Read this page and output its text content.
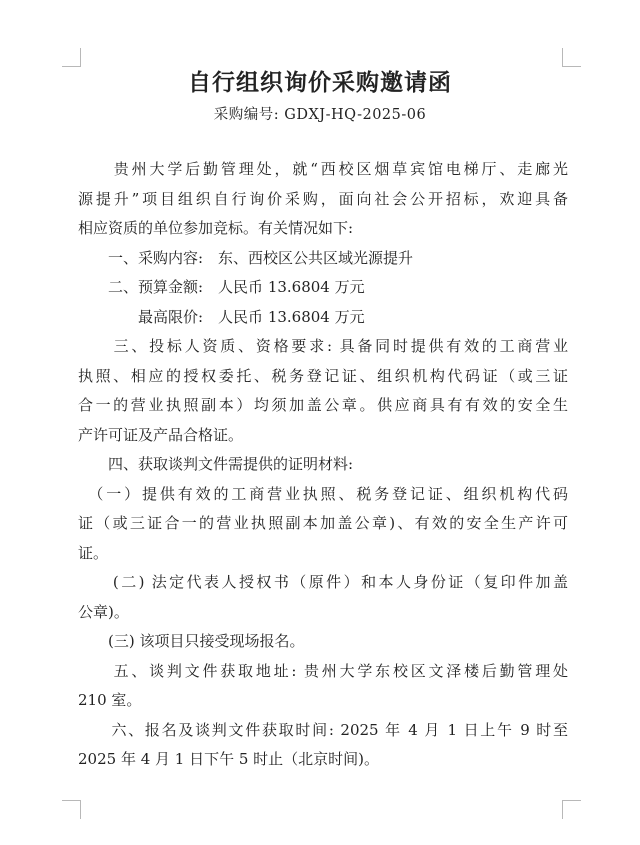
自行组织询价采购邀请函
采购编号: GDXJ-HQ-2025-06
　　贵州大学后勤管理处，就“西校区烟草宾馆电梯厅、走廊光
源提升”项目组织自行询价采购，面向社会公开招标，欢迎具备
相应资质的单位参加竞标。有关情况如下:
　　一、采购内容:　东、西校区公共区域光源提升
　　二、预算金额:　人民币 13.6804 万元
　　　　最高限价:　人民币 13.6804 万元
　　三、投标人资质、资格要求: 具备同时提供有效的工商营业
执照、相应的授权委托、税务登记证、组织机构代码证（或三证
合一的营业执照副本）均须加盖公章。供应商具有有效的安全生
产许可证及产品合格证。
　　四、获取谈判文件需提供的证明材料:
　（一）提供有效的工商营业执照、税务登记证、组织机构代码
证（或三证合一的营业执照副本加盖公章)、有效的安全生产许可
证。
　　(二) 法定代表人授权书（原件）和本人身份证（复印件加盖
公章)。
　　(三) 该项目只接受现场报名。
　　五、谈判文件获取地址: 贵州大学东校区文泽楼后勤管理处
210 室。
　　六、报名及谈判文件获取时间: 2025 年 4 月 1 日上午 9 时至
2025 年 4 月 1 日下午 5 时止（北京时间)。
